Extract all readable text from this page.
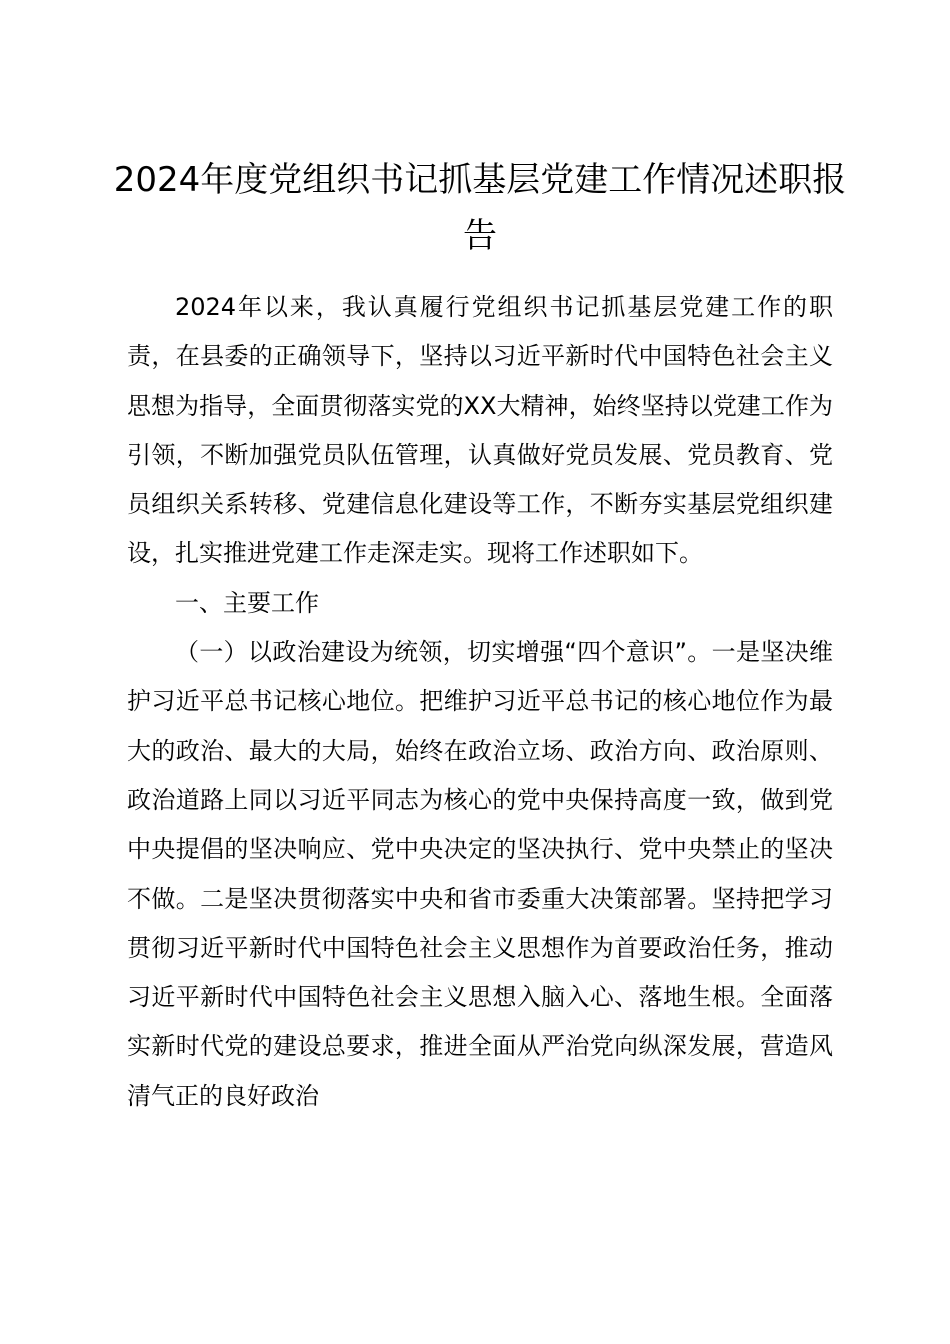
2024年度党组织书记抓基层党建工作情况述职报告

2024年以来，我认真履行党组织书记抓基层党建工作的职责，在县委的正确领导下，坚持以习近平新时代中国特色社会主义思想为指导，全面贯彻落实党的XX大精神，始终坚持以党建工作为引领，不断加强党员队伍管理，认真做好党员发展、党员教育、党员组织关系转移、党建信息化建设等工作，不断夯实基层党组织建设，扎实推进党建工作走深走实。现将工作述职如下。

一、主要工作

（一）以政治建设为统领，切实增强“四个意识”。一是坚决维护习近平总书记核心地位。把维护习近平总书记的核心地位作为最大的政治、最大的大局，始终在政治立场、政治方向、政治原则、政治道路上同以习近平同志为核心的党中央保持高度一致，做到党中央提倡的坚决响应、党中央决定的坚决执行、党中央禁止的坚决不做。二是坚决贯彻落实中央和省市委重大决策部署。坚持把学习贯彻习近平新时代中国特色社会主义思想作为首要政治任务，推动习近平新时代中国特色社会主义思想入脑入心、落地生根。全面落实新时代党的建设总要求，推进全面从严治党向纵深发展，营造风清气正的良好政治
